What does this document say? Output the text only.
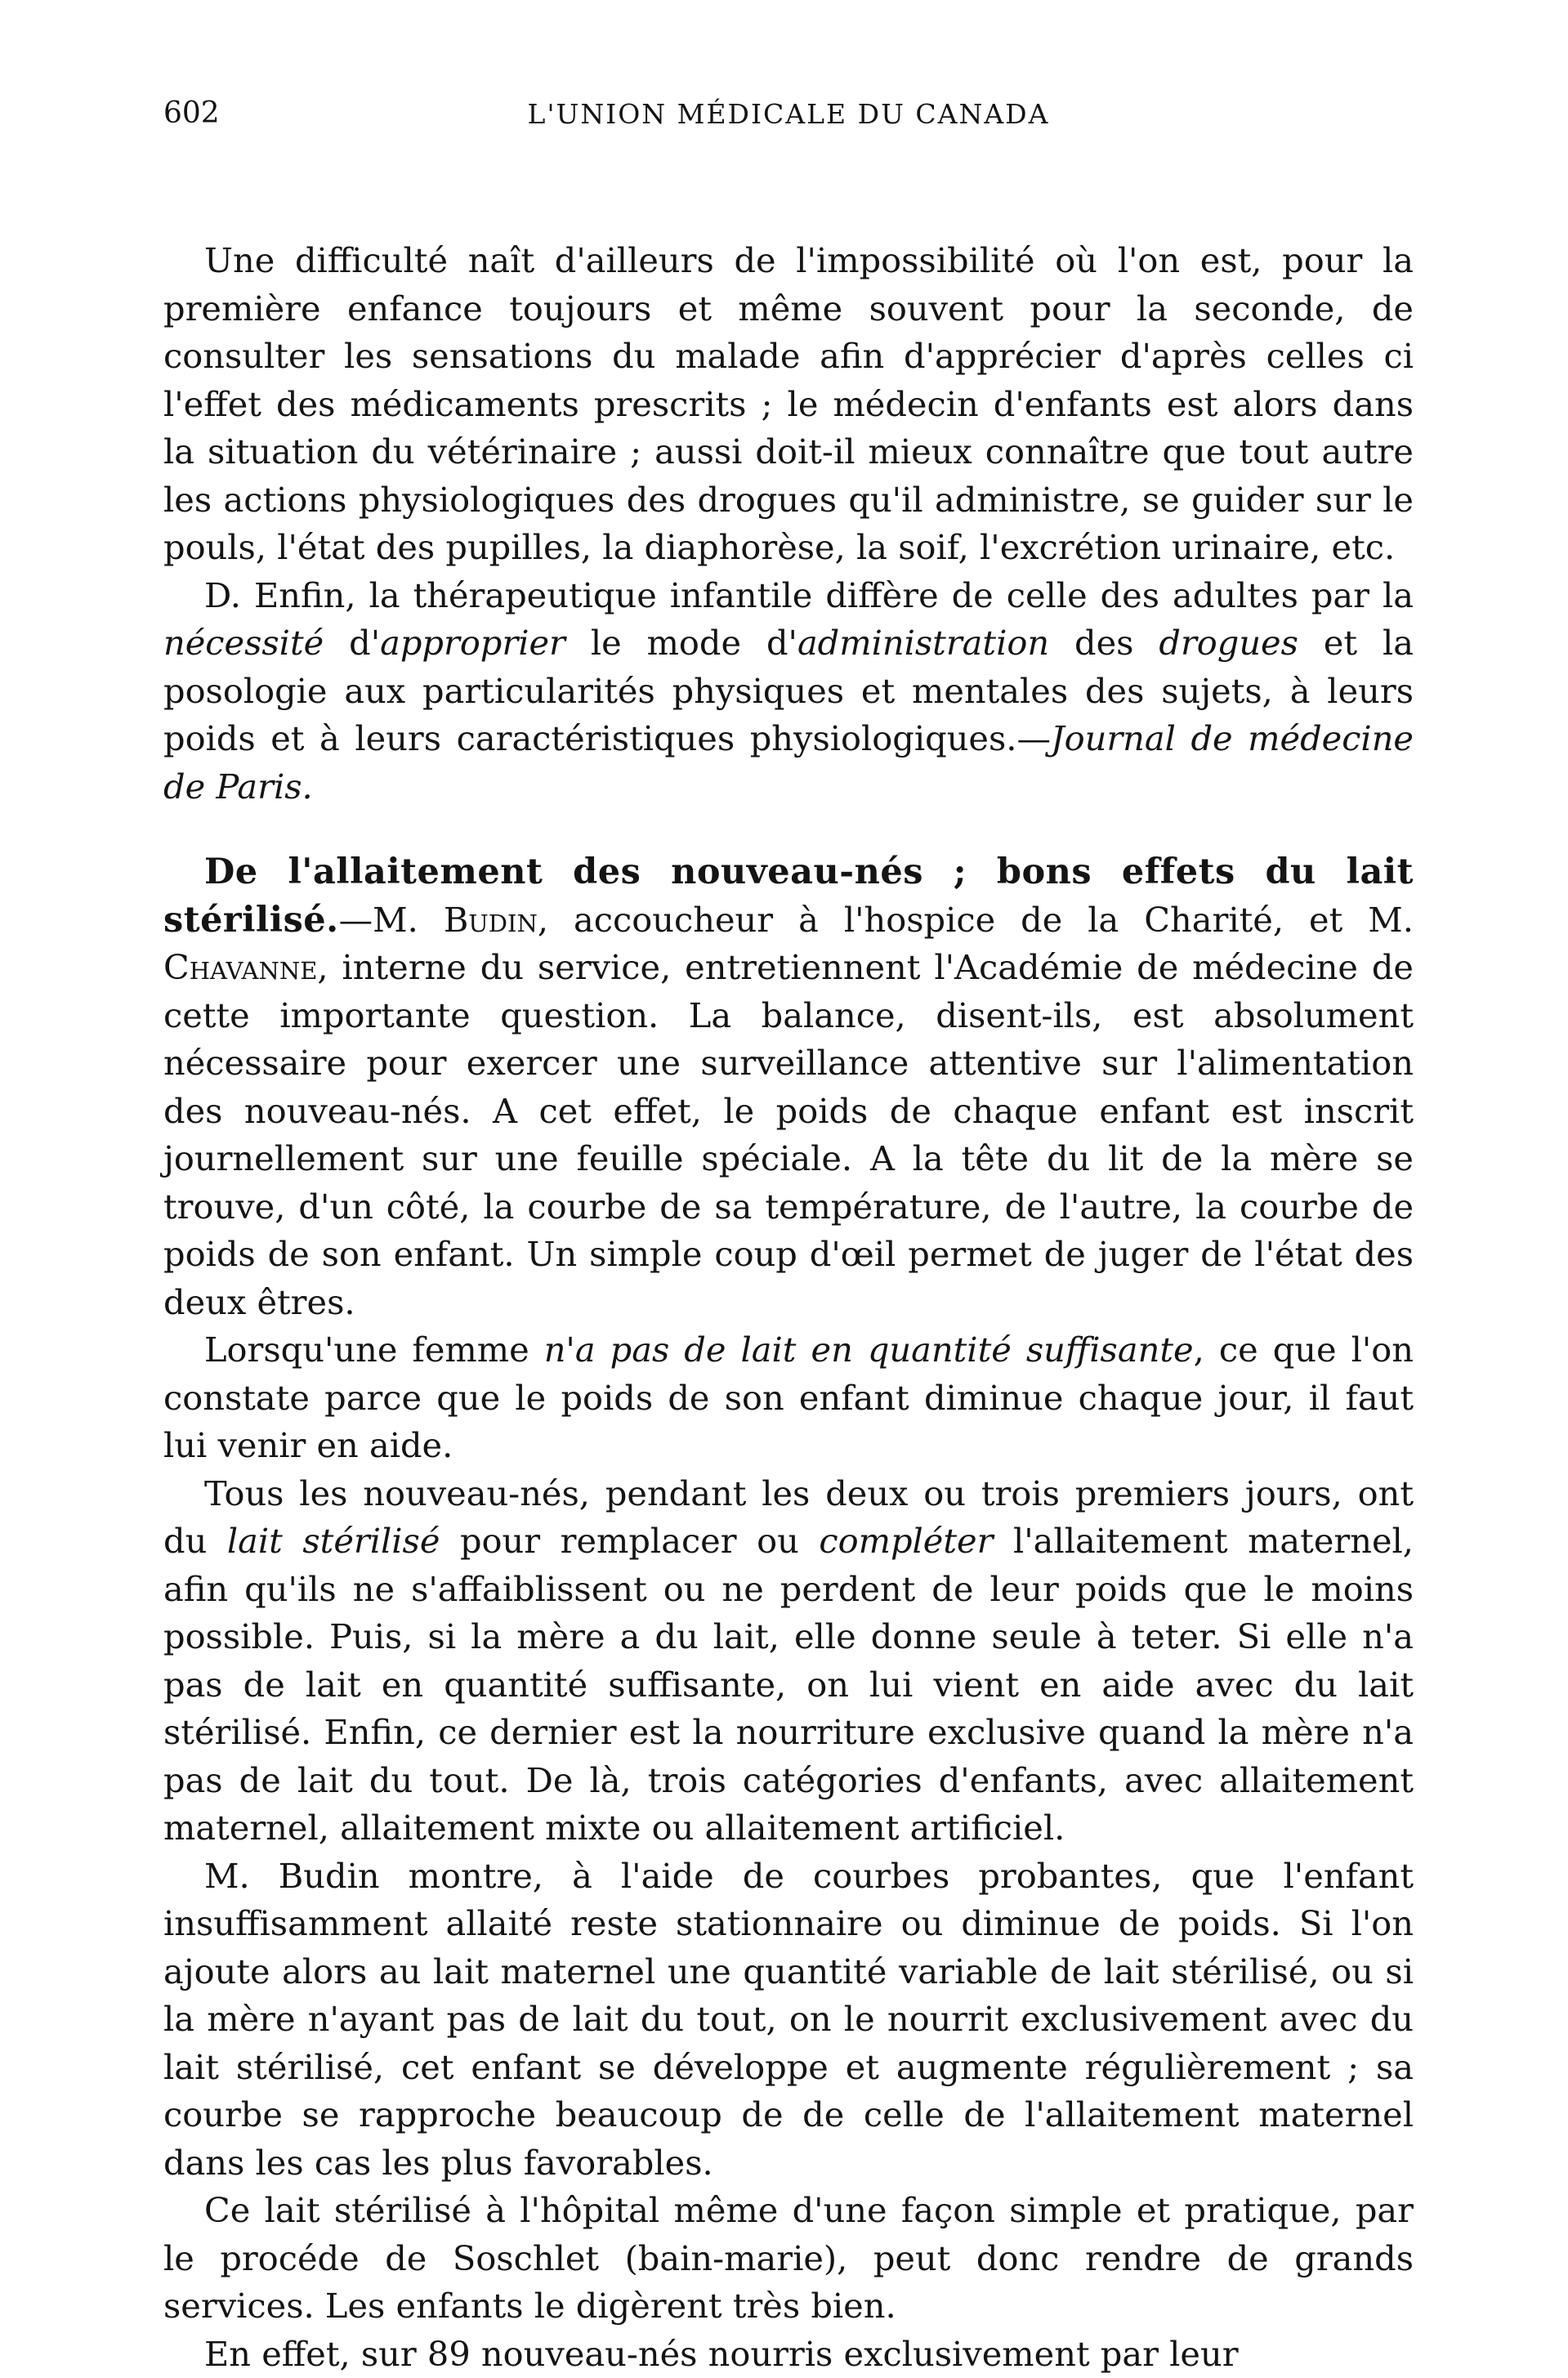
602	L'UNION MÉDICALE DU CANADA

Une difficulté naît d'ailleurs de l'impossibilité où l'on est, pour la première enfance toujours et même souvent pour la seconde, de consulter les sensations du malade afin d'apprécier d'après celles ci l'effet des médicaments prescrits ; le médecin d'enfants est alors dans la situation du vétérinaire ; aussi doit-il mieux connaître que tout autre les actions physiologiques des drogues qu'il administre, se guider sur le pouls, l'état des pupilles, la diaphorèse, la soif, l'excrétion urinaire, etc.

D. Enfin, la thérapeutique infantile diffère de celle des adultes par la nécessité d'approprier le mode d'administration des drogues et la posologie aux particularités physiques et mentales des sujets, à leurs poids et à leurs caractéristiques physiologiques.—Journal de médecine de Paris.

De l'allaitement des nouveau-nés ; bons effets du lait stérilisé.—M. Budin, accoucheur à l'hospice de la Charité, et M. Chavanne, interne du service, entretiennent l'Académie de médecine de cette importante question. La balance, disent-ils, est absolument nécessaire pour exercer une surveillance attentive sur l'alimentation des nouveau-nés. A cet effet, le poids de chaque enfant est inscrit journellement sur une feuille spéciale. A la tête du lit de la mère se trouve, d'un côté, la courbe de sa température, de l'autre, la courbe de poids de son enfant. Un simple coup d'œil permet de juger de l'état des deux êtres.

Lorsqu'une femme n'a pas de lait en quantité suffisante, ce que l'on constate parce que le poids de son enfant diminue chaque jour, il faut lui venir en aide.

Tous les nouveau-nés, pendant les deux ou trois premiers jours, ont du lait stérilisé pour remplacer ou compléter l'allaitement maternel, afin qu'ils ne s'affaiblissent ou ne perdent de leur poids que le moins possible. Puis, si la mère a du lait, elle donne seule à teter. Si elle n'a pas de lait en quantité suffisante, on lui vient en aide avec du lait stérilisé. Enfin, ce dernier est la nourriture exclusive quand la mère n'a pas de lait du tout. De là, trois catégories d'enfants, avec allaitement maternel, allaitement mixte ou allaitement artificiel.

M. Budin montre, à l'aide de courbes probantes, que l'enfant insuffisamment allaité reste stationnaire ou diminue de poids. Si l'on ajoute alors au lait maternel une quantité variable de lait stérilisé, ou si la mère n'ayant pas de lait du tout, on le nourrit exclusivement avec du lait stérilisé, cet enfant se développe et augmente régulièrement ; sa courbe se rapproche beaucoup de de celle de l'allaitement maternel dans les cas les plus favorables.

Ce lait stérilisé à l'hôpital même d'une façon simple et pratique, par le procéde de Soschlet (bain-marie), peut donc rendre de grands services. Les enfants le digèrent très bien.

En effet, sur 89 nouveau-nés nourris exclusivement par leur
